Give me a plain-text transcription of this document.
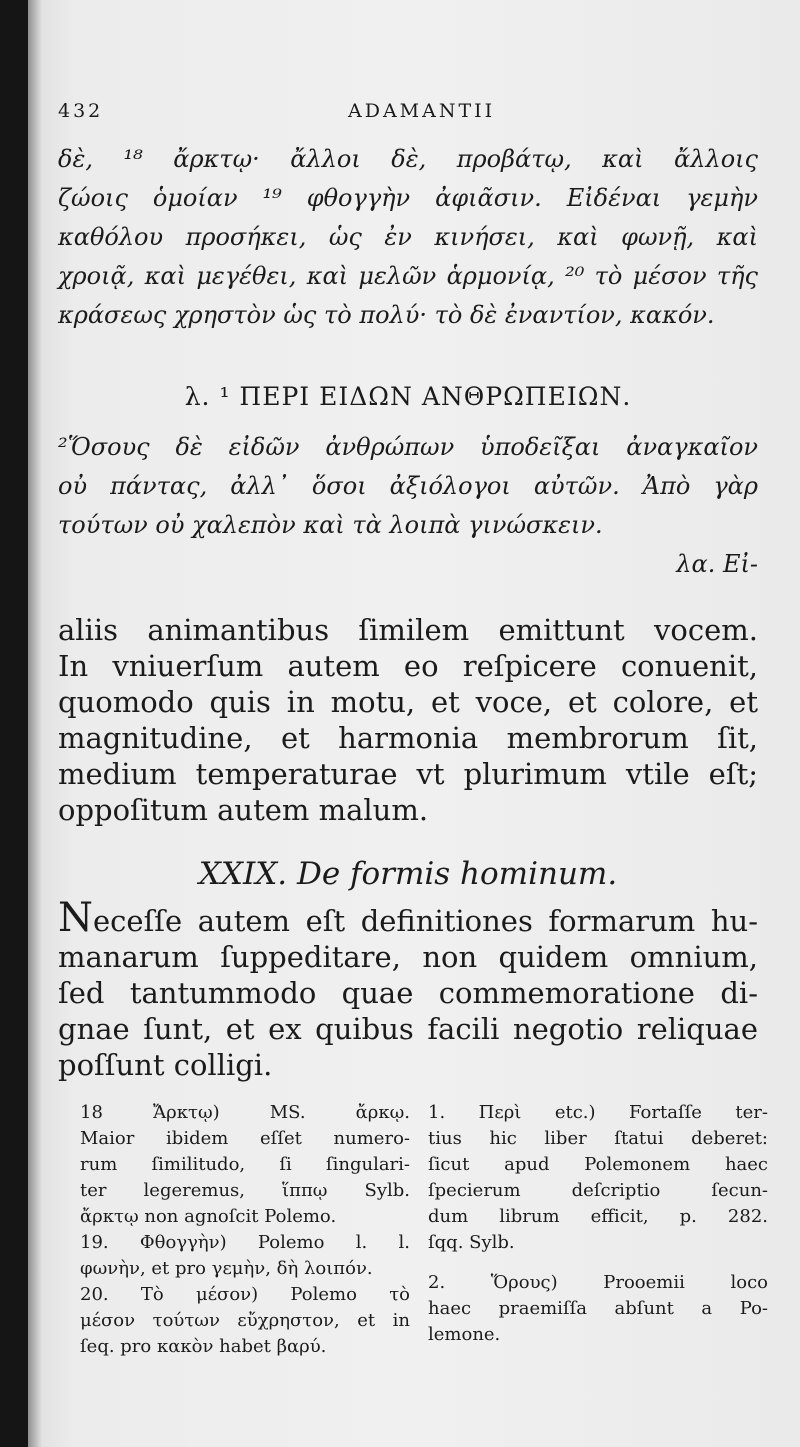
432	ADAMANTII

δὲ, ¹⁸ ἄρκτῳ· ἄλλοι δὲ, προβάτῳ, καὶ ἄλλοις

ζώοις ὁμοίαν ¹⁹ φθογγὴν ἀφιᾶσιν. Εἰδέναι γεμὴν

καθόλου προσήκει, ὡς ἐν κινήσει, καὶ φωνῇ, καὶ

χροιᾷ, καὶ μεγέθει, καὶ μελῶν ἁρμονίᾳ, ²⁰ τὸ μέσον τῆς

κράσεως χρηστὸν ὡς τὸ πολύ· τὸ δὲ ἐναντίον, κακόν.

λ. ¹ ΠΕΡΙ ΕΙΔΩΝ ΑΝΘΡΩΠΕΙΩΝ.

²Ὅσους δὲ εἰδῶν ἀνθρώπων ὑποδεῖξαι ἀναγκαῖον

οὐ πάντας, ἀλλ᾽ ὅσοι ἀξιόλογοι αὐτῶν. Ἀπὸ γὰρ

τούτων οὐ χαλεπὸν καὶ τὰ λοιπὰ γινώσκειν.

λα. Εἰ-

aliis animantibus ſimilem emittunt vocem.

In vniuerſum autem eo reſpicere conuenit,

quomodo quis in motu, et voce, et colore, et

magnitudine, et harmonia membrorum ſit,

medium temperaturae vt plurimum vtile eſt;

oppoſitum autem malum.

XXIX. De formis hominum.

Neceſſe autem eſt definitiones formarum hu-

manarum ſuppeditare, non quidem omnium,

ſed tantummodo quae commemoratione di-

gnae ſunt, et ex quibus facili negotio reliquae

poſſunt colligi.

18 Ἄρκτῳ) MS. ἄρκῳ.

Maior ibidem eſſet numero-

rum ſimilitudo, ſi ſingulari-

ter legeremus, ἵππῳ Sylb.

ἄρκτῳ non agnoſcit Polemo.

19. Φθογγὴν) Polemo l. l.

φωνὴν, et pro γεμὴν, δὴ λοιπόν.

20. Τὸ μέσον) Polemo τὸ

μέσον τούτων εὔχρηστον, et in

ſeq. pro κακὸν habet βαρύ.

1. Περὶ etc.) Fortaſſe ter-

tius hic liber ſtatui deberet:

ſicut apud Polemonem haec

ſpecierum deſcriptio ſecun-

dum librum efficit, p. 282.

ſqq. Sylb.

2. Ὅρους) Prooemii loco

haec praemiſſa abſunt a Po-

lemone.
